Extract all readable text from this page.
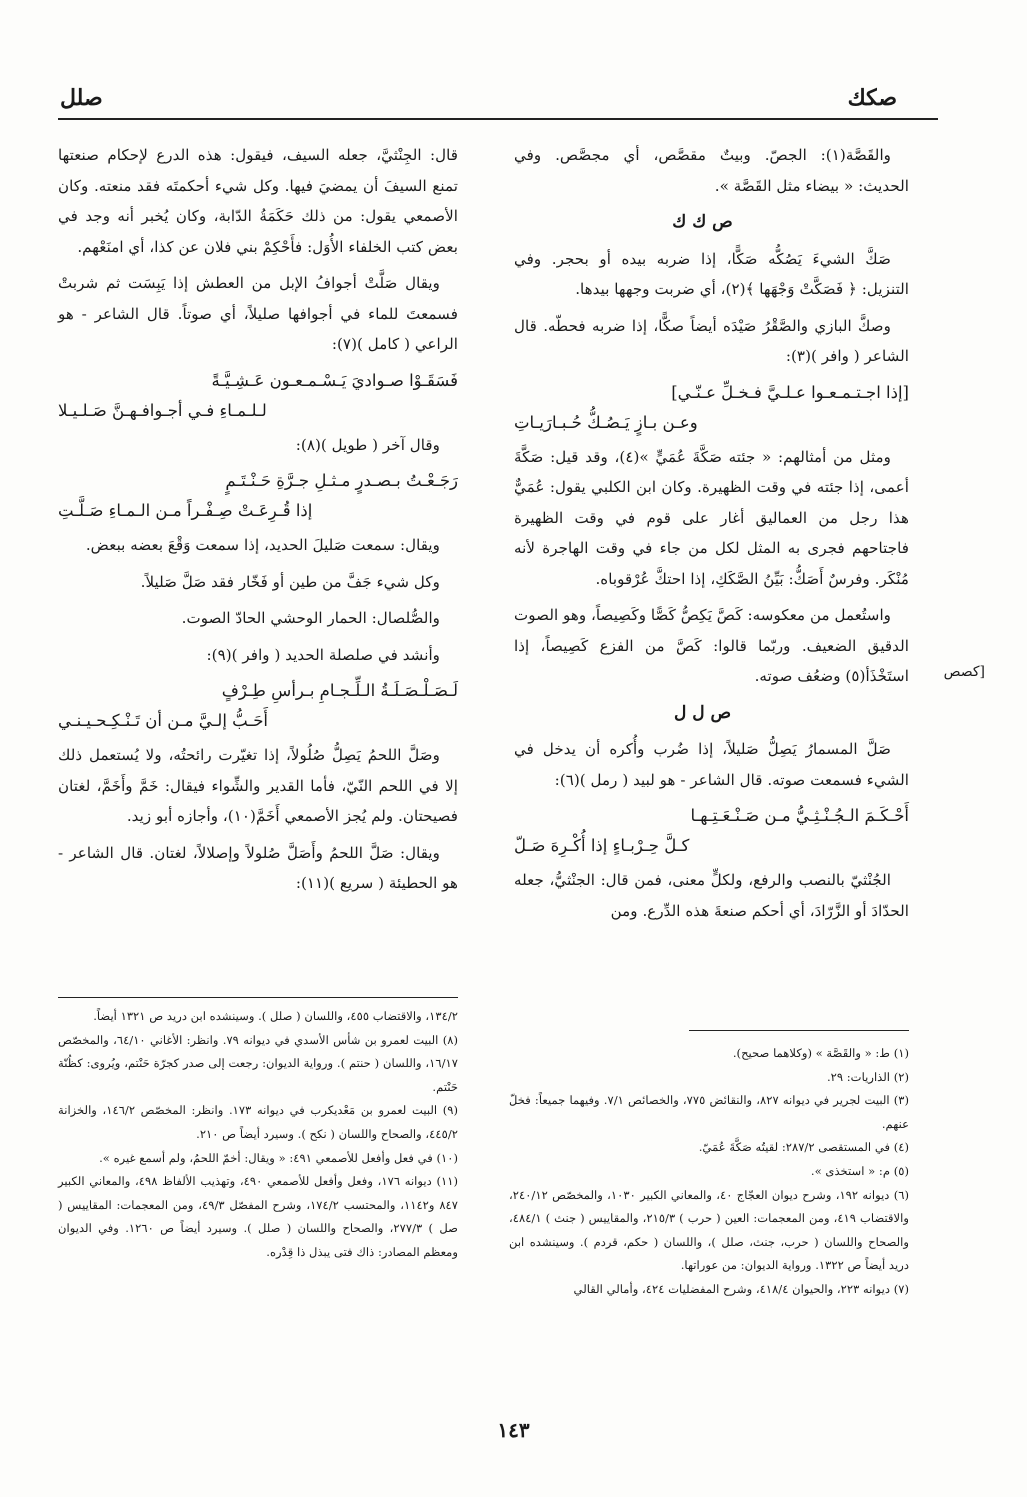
صكك
صلل
[كصص

والقَصَّة(١): الجصّ. وبيتٌ مقصَّص، أي مجصَّص. وفي الحديث: « بيضاء مثل القَصَّة ».

ص ك ك

صَكَّ الشيءَ يَصُكُّه صَكًّا، إذا ضربه بيده أو بحجر. وفي التنزيل: ﴿ فَصَكَّتْ وَجْهَها ﴾(٢)، أي ضربت وجهها بيدها.

وصكَّ البازي والصَّقْرُ صَيْدَه أيضاً صكًّا، إذا ضربه فحطّه. قال الشاعر ( وافر )(٣):

[إذا اجـتـمـعـوا عـلـيَّ فـخـلِّ عـنّـي]
وعـن بـازٍ يَـصُـكُّ حُـبـارَيـاتِ

ومثل من أمثالهم: « جئته صَكَّةَ عُمَيٍّ »(٤)، وقد قيل: صَكَّةَ أعمى، إذا جئته في وقت الظهيرة. وكان ابن الكلبي يقول: عُمَيٌّ هذا رجل من العماليق أغار على قوم في وقت الظهيرة فاجتاحهم فجرى به المثل لكل من جاء في وقت الهاجرة لأنه مُنْكَر. وفرسٌ أَصَكُّ: بَيِّنُ الصَّكَكِ، إذا احتكَّ عُرْقوباه.

واستُعمل من معكوسه: كَصَّ يَكِصُّ كَصًّا وكَصِيصاً، وهو الصوت الدقيق الضعيف. وربّما قالوا: كَصَّ من الفزع كَصِيصاً، إذا استَخْذَأ(٥) وضعُف صوته.

ص ل ل

صَلَّ المسمارُ يَصِلُّ صَليلاً، إذا ضُرب وأُكره أن يدخل في الشيء فسمعت صوته. قال الشاعر - هو لبيد ( رمل )(٦):

أَحْـكَـمَ الـجُـنْـثِـيُّ مـن صَـنْـعَـتِـهـا
كـلَّ حِـرْبـاءٍ إذا أُكْـرِهَ صَـلّ

الجُنْثيّ بالنصب والرفع، ولكلٍّ معنى، فمن قال: الجنْثيُّ، جعله الحدّادَ أو الزَّرّادَ، أي أحكم صنعةَ هذه الدِّرع. ومن

قال: الجِنْثيَّ، جعله السيف، فيقول: هذه الدرع لإحكام صنعتها تمنع السيفَ أن يمضيَ فيها. وكل شيء أحكمتَه فقد منعته. وكان الأصمعي يقول: من ذلك حَكَمَةُ الدّابة، وكان يُخبر أنه وجد في بعض كتب الخلفاء الأُوَل: فأَحْكِمْ بني فلان عن كذا، أي امنَعْهم.

ويقال صَلَّتْ أجوافُ الإبل من العطش إذا يَبِسَت ثم شربتْ فسمعتَ للماء في أجوافها صليلاً، أي صوتاً. قال الشاعر - هو الراعي ( كامل )(٧):

فَسَقَـوْا صـواديَ يَـسْـمـعـون عَـشِـيَّـةً
لـلـمـاءِ فـي أجـوافـهـنَّ صَـلـيـلا

وقال آخر ( طويل )(٨):

رَجَـعْـتُ بـصـدرٍ مـثـلِ جـرَّةِ حَـنْـتَـمٍ
إذا قُـرِعَـتْ صِـفْـراً مـن الـمـاءِ صَـلَّـتِ

ويقال: سمعت صَليلَ الحديد، إذا سمعت وَقْعَ بعضه ببعض.

وكل شيء جَفَّ من طين أو فَخّار فقد صَلَّ صَليلاً.

والصُّلصال: الحمار الوحشي الحادّ الصوت.

وأنشد في صلصلة الحديد ( وافر )(٩):

لَـصَـلْـصَـلَـةُ الـلِّـجـامِ بـرأسِ طِـرْفٍ
أَحَـبُّ إلـيَّ مـن أن تَـنْـكِـحـيـنـي

وصَلَّ اللحمُ يَصِلُّ صُلُولاً، إذا تغيّرت رائحتُه، ولا يُستعمل ذلك إلا في اللحم النّيّ، فأما القدير والشِّواء فيقال: خَمَّ وأَخَمَّ، لغتان فصيحتان. ولم يُجز الأصمعي أَخَمَّ(١٠)، وأجازه أبو زيد.

ويقال: صَلَّ اللحمُ وأَصَلَّ صُلولاً وإصلالاً، لغتان. قال الشاعر - هو الحطيئة ( سريع )(١١):

(١) ط: « والقَصَّة » (وكلاهما صحيح).
(٢) الذاريات: ٢٩.
(٣) البيت لجرير في ديوانه ٨٢٧، والنقائض ٧٧٥، والخصائص ٧/١. وفيهما جميعاً: فخلّ عنهم.
(٤) في المستقصى ٢٨٧/٢: لقيتُه صَكَّةَ عُمَيّ.
(٥) م: « استخذى ».
(٦) ديوانه ١٩٢، وشرح ديوان العجّاج ٤٠، والمعاني الكبير ١٠٣٠، والمخصّص ٢٤٠/١٢، والاقتضاب ٤١٩، ومن المعجمات: العين ( حرب ) ٢١٥/٣، والمقاييس ( جنث ) ٤٨٤/١، والصحاح واللسان ( حرب، جنث، صلل )، واللسان ( حكم، قردم ). وسينشده ابن دريد أيضاً ص ١٣٢٢. ورواية الديوان: من عوراتها.
(٧) ديوانه ٢٢٣، والحيوان ٤١٨/٤، وشرح المفضليات ٤٢٤، وأمالي القالي
١٣٤/٢، والاقتضاب ٤٥٥، واللسان ( صلل ). وسينشده ابن دريد ص ١٣٢١ أيضاً.
(٨) البيت لعمرو بن شأس الأسدي في ديوانه ٧٩. وانظر: الأغاني ٦٤/١٠، والمخصّص ١٦/١٧، واللسان ( حنتم ). ورواية الديوان: رجعت إلى صدر كجرّة حَنْتم، ويُروى: كظُنّة حَنْتم.
(٩) البيت لعمرو بن مَعْديكرب في ديوانه ١٧٣. وانظر: المخصّص ١٤٦/٢، والخزانة ٤٤٥/٢، والصحاح واللسان ( نكح ). وسيرد أيضاً ص ٢١٠.
(١٠) في فعل وأفعل للأصمعي ٤٩١: « ويقال: أخمّ اللحمُ، ولم أسمع غيره ».
(١١) ديوانه ١٧٦، وفعل وأفعل للأصمعي ٤٩٠، وتهذيب الألفاظ ٤٩٨، والمعاني الكبير ٨٤٧ و١١٤٢، والمحتسب ١٧٤/٢، وشرح المفصّل ٤٩/٣، ومن المعجمات: المقاييس ( صل ) ٢٧٧/٣، والصحاح واللسان ( صلل ). وسيرد أيضاً ص ١٢٦٠. وفي الديوان ومعظم المصادر: ذاك فتى يبذل ذا قِدْره.
١٤٣
